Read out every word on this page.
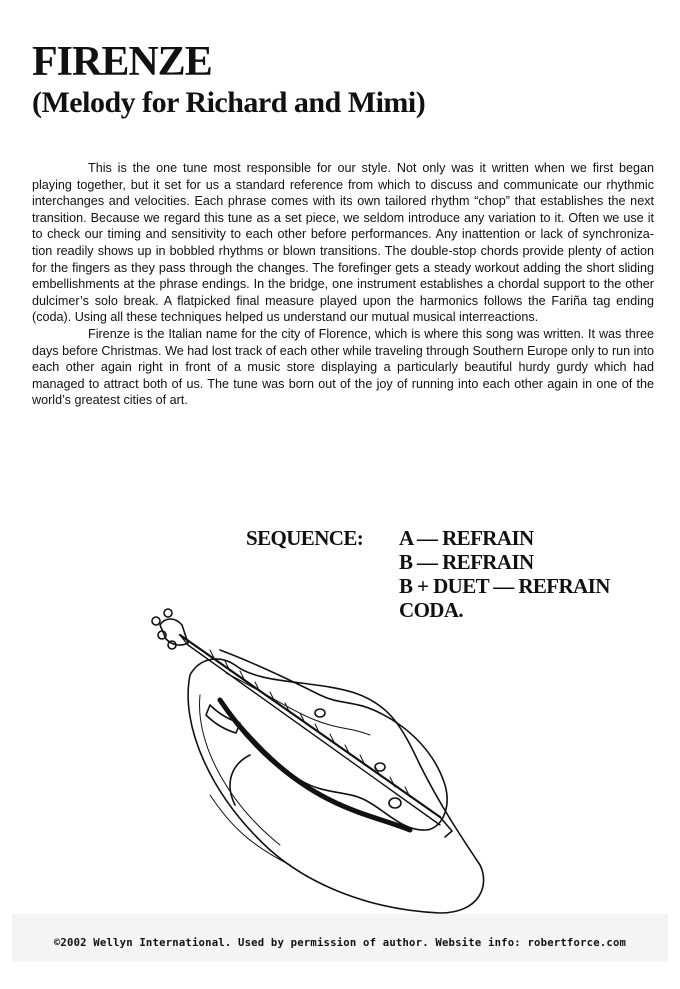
FIRENZE
(Melody for Richard and Mimi)

This is the one tune most responsible for our style. Not only was it written when we first began playing together, but it set for us a standard reference from which to discuss and communicate our rhythmic interchanges and velocities. Each phrase comes with its own tailored rhythm “chop” that establishes the next transition. Because we regard this tune as a set piece, we seldom introduce any variation to it. Often we use it to check our timing and sensitivity to each other before performances. Any inattention or lack of synchroniza-tion readily shows up in bobbled rhythms or blown transitions. The double-stop chords provide plenty of action for the fingers as they pass through the changes. The forefinger gets a steady workout adding the short sliding embellishments at the phrase endings. In the bridge, one instrument establishes a chordal support to the other dulcimer’s solo break. A flatpicked final measure played upon the harmonics follows the Fariña tag ending (coda). Using all these techniques helped us understand our mutual musical interreactions.

Firenze is the Italian name for the city of Florence, which is where this song was written. It was three days before Christmas. We had lost track of each other while traveling through Southern Europe only to run into each other again right in front of a music store displaying a particularly beautiful hurdy gurdy which had managed to attract both of us. The tune was born out of the joy of running into each other again in one of the world’s greatest cities of art.

SEQUENCE: A — REFRAIN
B — REFRAIN
B + DUET — REFRAIN
CODA.
©2002 Wellyn International. Used by permission of author. Website info: robertforce.com
